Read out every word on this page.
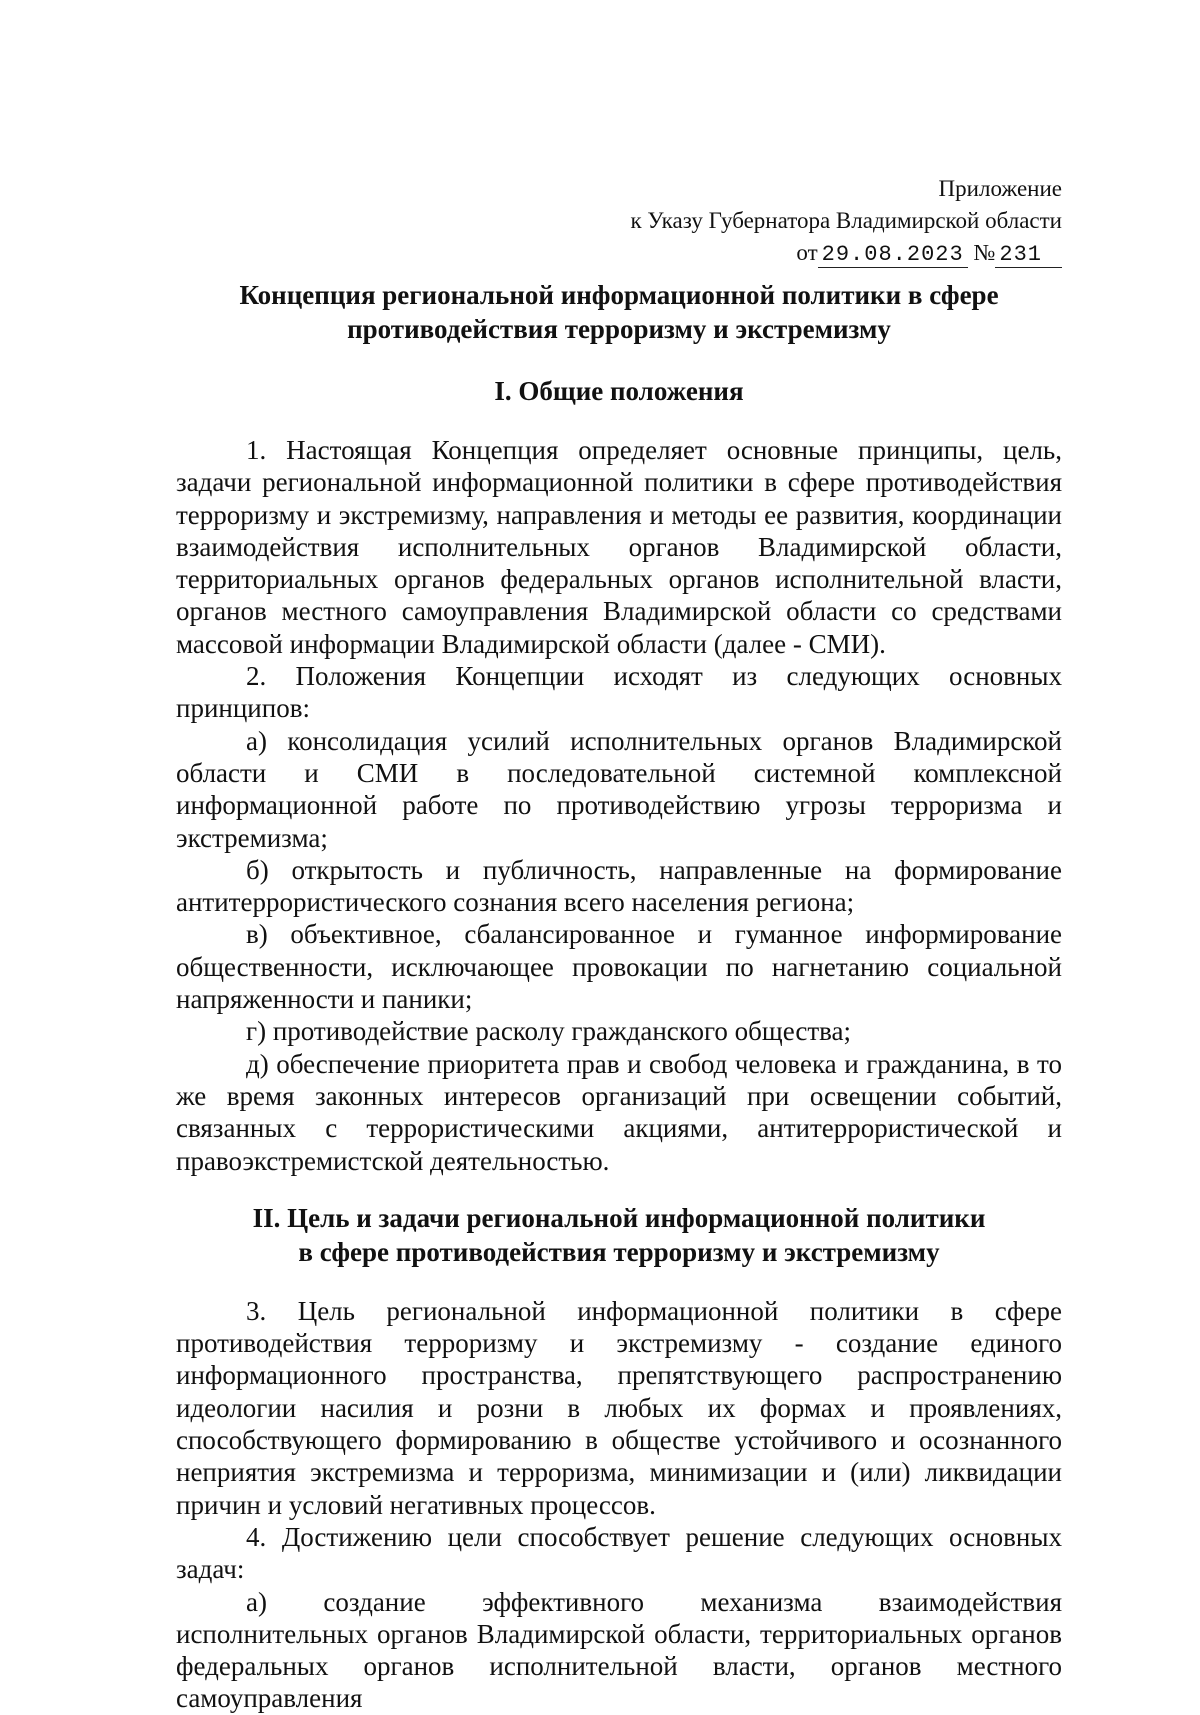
Приложение
к Указу Губернатора Владимирской области
от 29.08.2023 № 231
Концепция региональной информационной политики в сфере
противодействия терроризму и экстремизму
I. Общие положения

1. Настоящая Концепция определяет основные принципы, цель, задачи региональной информационной политики в сфере противодействия терроризму и экстремизму, направления и методы ее развития, координации взаимодействия исполнительных органов Владимирской области, территориальных органов федеральных органов исполнительной власти, органов местного самоуправления Владимирской области со средствами массовой информации Владимирской области (далее - СМИ).

2. Положения Концепции исходят из следующих основных принципов:

а) консолидация усилий исполнительных органов Владимирской области и СМИ в последовательной системной комплексной информационной работе по противодействию угрозы терроризма и экстремизма;

б) открытость и публичность, направленные на формирование антитеррористического сознания всего населения региона;

в) объективное, сбалансированное и гуманное информирование общественности, исключающее провокации по нагнетанию социальной напряженности и паники;

г) противодействие расколу гражданского общества;

д) обеспечение приоритета прав и свобод человека и гражданина, в то же время законных интересов организаций при освещении событий, связанных с террористическими акциями, антитеррористической и правоэкстремистской деятельностью.

II. Цель и задачи региональной информационной политики
в сфере противодействия терроризму и экстремизму

3. Цель региональной информационной политики в сфере противодействия терроризму и экстремизму - создание единого информационного пространства, препятствующего распространению идеологии насилия и розни в любых их формах и проявлениях, способствующего формированию в обществе устойчивого и осознанного неприятия экстремизма и терроризма, минимизации и (или) ликвидации причин и условий негативных процессов.

4. Достижению цели способствует решение следующих основных задач:

а) создание эффективного механизма взаимодействия исполнительных органов Владимирской области, территориальных органов федеральных органов исполнительной власти, органов местного самоуправления
